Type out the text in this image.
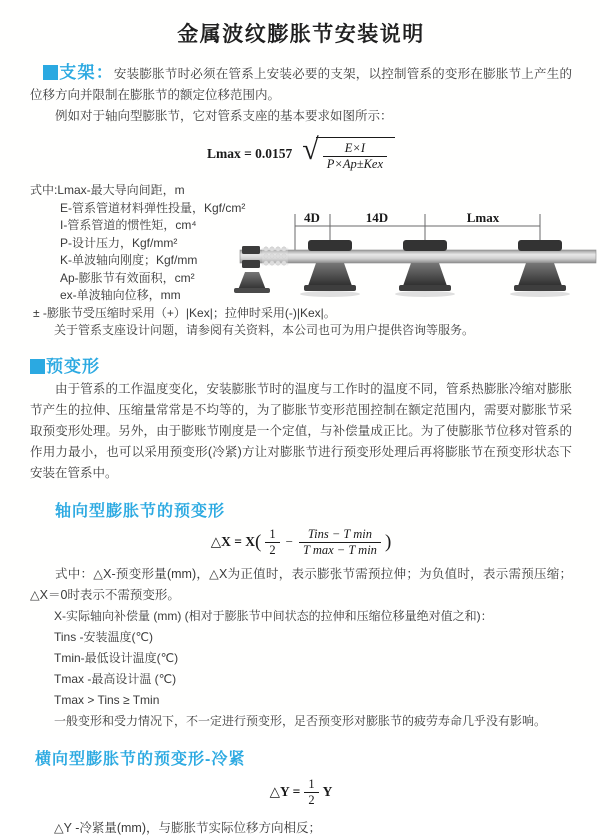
金属波纹膨胀节安装说明
支架：安装膨胀节时必须在管系上安装必要的支架，以控制管系的变形在膨胀节上产生的位移方向并限制在膨胀节的额定位移范围内。
例如对于轴向型膨胀节，它对管系支座的基本要求如图所示：
Lmax = 0.0157 √ $\frac{E\times I}{\text{P×Ap±Kex}}$
式中:Lmax-最大导向间距，m
E-管系管道材料弹性投量，Kgf/cm²
I-管系管道的惯性矩，cm⁴
P-设计压力，Kgf/mm²
K-单波轴向刚度；Kgf/mm
Ap-膨胀节有效面积，cm²
ex-单波轴向位移，mm
± -膨胀节受压缩时采用（+）|Kex|；拉伸时采用(-)|Kex|。
关于管系支座设计问题，请参阅有关资料，本公司也可为用户提供咨询等服务。
4D	14D	Lmax
预变形
由于管系的工作温度变化，安装膨胀节时的温度与工作时的温度不同，管系热膨胀冷缩对膨胀节产生的拉伸、压缩量常常是不均等的，为了膨胀节变形范围控制在额定范围内，需要对膨胀节采取预变形处理。另外，由于膨账节刚度是一个定值，与补偿量成正比。为了使膨胀节位移对管系的作用力最小，也可以采用预变形(冷紧)方让对膨胀节进行预变形处理后再将膨胀节在预变形状态下安装在管系中。
轴向型膨胀节的预变形
△X = $X( \frac{1}{2} - \frac{\text{Tins − T min}}{\text{T max − T min}}$ )
式中：△X-预变形量(mm)，△X为正值时，表示膨张节需预拉伸；为负值时，表示需预压缩；△X＝0时表示不需预变形。
X-实际轴向补偿量 (mm) (相对于膨胀节中间状态的拉伸和压缩位移量绝对值之和)：
Tins -安装温度(℃)
Tmin-最低设计温度(℃)
Tmax -最高设计温 (℃)
Tmax > Tins ≥ Tmin
一般变形和受力情况下，不一定进行预变形，足否预变形对膨胀节的疲劳寿命几乎没有影响。
横向型膨胀节的预变形-冷紧
△Y = $\frac{1}{2}$ Y
△Y -冷紧量(mm)，与膨胀节实际位移方向相反；
